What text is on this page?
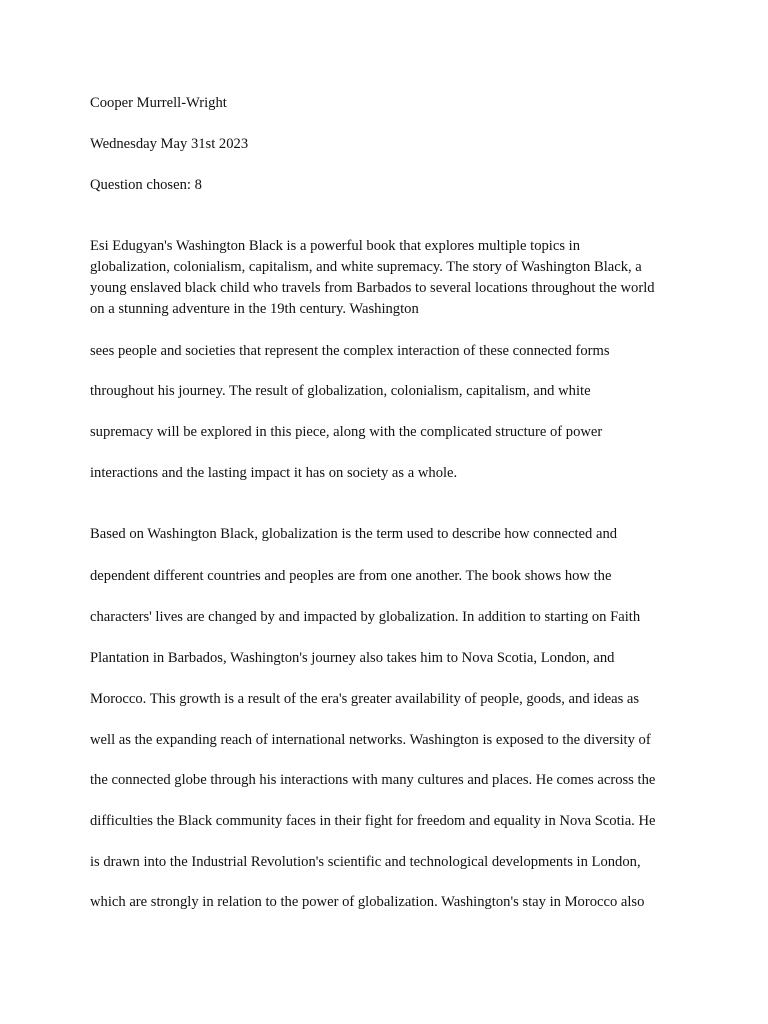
Cooper Murrell-Wright

Wednesday May 31st 2023

Question chosen: 8

Esi Edugyan's Washington Black is a powerful book that explores multiple topics in

globalization, colonialism, capitalism, and white supremacy. The story of Washington Black, a

young enslaved black child who travels from Barbados to several locations throughout the world

on a stunning adventure in the 19th century. Washington

sees people and societies that represent the complex interaction of these connected forms

throughout his journey. The result of globalization, colonialism, capitalism, and white

supremacy will be explored in this piece, along with the complicated structure of power

interactions and the lasting impact it has on society as a whole.

Based on Washington Black, globalization is the term used to describe how connected and

dependent different countries and peoples are from one another. The book shows how the

characters' lives are changed by and impacted by globalization. In addition to starting on Faith

Plantation in Barbados, Washington's journey also takes him to Nova Scotia, London, and

Morocco. This growth is a result of the era's greater availability of people, goods, and ideas as

well as the expanding reach of international networks. Washington is exposed to the diversity of

the connected globe through his interactions with many cultures and places. He comes across the

difficulties the Black community faces in their fight for freedom and equality in Nova Scotia. He

is drawn into the Industrial Revolution's scientific and technological developments in London,

which are strongly in relation to the power of globalization. Washington's stay in Morocco also
